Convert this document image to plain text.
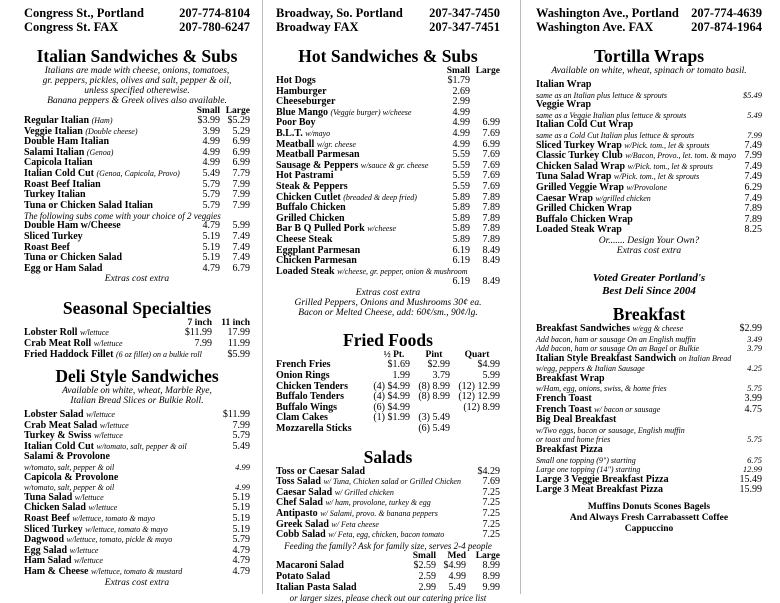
Congress St., Portland	207-774-8104
Congress St. FAX	207-780-6247
Italian Sandwiches & Subs
Italians are made with cheese, onions, tomatoes,
gr. peppers, pickles, olives and salt, pepper & oil,
unless specified otherewise.
Banana peppers & Greek olives also available.
Small Large
Regular Italian (Ham)	$3.99 $5.29
Veggie Italian (Double cheese)	3.99	5.29
Double Ham Italian	4.99	6.99
Salami Italian (Genoa)	4.99	6.99
Capicola Italian	4.99	6.99
Italian Cold Cut (Genoa, Capicola, Provo)	5.49	7.79
Roast Beef Italian	5.79	7.99
Turkey Italian	5.79	7.99
Tuna or Chicken Salad Italian	5.79	7.99
The following subs come with your choice of 2 veggies
Double Ham w/Cheese	4.79	5.99
Sliced Turkey	5.19	7.49
Roast Beef	5.19	7.49
Tuna or Chicken Salad	5.19	7.49
Egg or Ham Salad	4.79	6.79
Extras cost extra
Seasonal Specialties
7 inch 11 inch
Lobster Roll w/lettuce	$11.99	17.99
Crab Meat Roll w/lettuce	7.99	11.99
Fried Haddock Fillet (6 oz fillet) on a bulkie roll	$5.99
Deli Style Sandwiches
Available on white, wheat, Marble Rye,
Italian Bread Slices or Bulkie Roll.
Lobster Salad w/lettuce	$11.99
Crab Meat Salad w/lettuce	7.99
Turkey & Swiss w/lettuce	5.79
Italian Cold Cut w/tomato, salt, pepper & oil	5.49
Salami & Provolone
w/tomato, salt, pepper & oil	4.99
Capicola & Provolone
w/tomato, salt, pepper & oil	4.99
Tuna Salad w/lettuce	5.19
Chicken Salad w/lettuce	5.19
Roast Beef w/lettuce, tomato & mayo	5.19
Sliced Turkey w/lettuce, tomato & mayo	5.19
Dagwood w/lettuce, tomato, pickle & mayo	5.79
Egg Salad w/lettuce	4.79
Ham Salad w/lettuce	4.79
Ham & Cheese w/lettuce, tomato & mustard	4.79
Extras cost extra
Broadway, So. Portland 207-347-7450
Broadway FAX	207-347-7451
Hot Sandwiches & Subs
Small Large
Hot Dogs	$1.79
Hamburger	2.69
Cheeseburger	2.99
Blue Mango (Veggie burger) w/cheese	4.99
Poor Boy	4.99	6.99
B.L.T. w/mayo	4.99	7.69
Meatball w/gr. cheese	4.99	6.99
Meatball Parmesan	5.59	7.69
Sausage & Peppers w/sauce & gr. cheese	5.59	7.69
Hot Pastrami	5.59	7.69
Steak & Peppers	5.59	7.69
Chicken Cutlet (breaded & deep fried)	5.89	7.89
Buffalo Chicken	5.89	7.89
Grilled Chicken	5.89	7.89
Bar B Q Pulled Pork w/cheese	5.89	7.89
Cheese Steak	5.89	7.89
Eggplant Parmesan	6.19	8.49
Chicken Parmesan	6.19	8.49
Loaded Steak w/cheese, gr. pepper, onion & mushroom
6.19	8.49
Extras cost extra
Grilled Peppers, Onions and Mushrooms 30¢ ea.
Bacon or Melted Cheese, add: 60¢/sm., 90¢/lg.
Fried Foods
½ Pt.	Pint	Quart
French Fries	$1.69	$2.99	$4.99
Onion Rings	1.99	3.79	5.99
Chicken Tenders	(4) $4.99 (8) 8.99 (12) 12.99
Buffalo Tenders	(4) $4.99 (8) 8.99 (12) 12.99
Buffalo Wings	(6) $4.99	(12) 8.99
Clam Cakes	(1) $1.99 (3) 5.49
Mozzarella Sticks	(6) 5.49
Salads
Toss or Caesar Salad	$4.29
Toss Salad w/ Tuna, Chicken salad or Grilled Chicken	7.69
Caesar Salad w/ Grilled chicken	7.25
Chef Salad w/ ham, provolone, turkey & egg	7.25
Antipasto w/ Salami, provo. & banana peppers	7.25
Greek Salad w/ Feta cheese	7.25
Cobb Salad w/ Feta, egg, chicken, bacon tomato	7.25
Feeding the family? Ask for family size, serves 2-4 people
Small	Med	Large
Macaroni Salad	$2.59 $4.99	8.99
Potato Salad	2.59	4.99	8.99
Italian Pasta Salad	2.99	5.49	9.99
or larger sizes, please check out our catering price list
Washington Ave., Portland 207-774-4639
Washington Ave. FAX	207-874-1964
Tortilla Wraps
Available on white, wheat, spinach or tomato basil.
Italian Wrap
same as an Italian plus lettuce & sprouts	$5.49
Veggie Wrap
same as a Veggie Italian plus lettuce & sprouts	5.49
Italian Cold Cut Wrap
same as a Cold Cut Italian plus lettuce & sprouts	7.99
Sliced Turkey Wrap w/Pick. tom., let & sprouts	7.49
Classic Turkey Club w/Bacon, Provo., let. tom. & mayo 7.99
Chicken Salad Wrap w/Pick. tom., let & sprouts	7.49
Tuna Salad Wrap w/Pick. tom., let & sprouts	7.49
Grilled Veggie Wrap w/Provolone	6.29
Caesar Wrap w/grilled chicken	7.49
Grilled Chicken Wrap	7.89
Buffalo Chicken Wrap	7.89
Loaded Steak Wrap	8.25
Or....... Design Your Own?
Extras cost extra
Voted Greater Portland's
Best Deli Since 2004
Breakfast
Breakfast Sandwiches w/egg & cheese	$2.99
Add bacon, ham or sausage On an English muffin	3.49
Add bacon, ham or sausage On an Bagel or Bulkie	3.79
Italian Style Breakfast Sandwich on Italian Bread
w/egg, peppers & Italian Sausage	4.25
Breakfast Wrap
w/Ham, egg, onions, swiss, & home fries	5.75
French Toast	3.99
French Toast w/ bacon or sausage	4.75
Big Deal Breakfast
w/Two eggs, bacon or sausage, English muffin
or toast and home fries	5.75
Breakfast Pizza
Small one topping (9") starting	6.75
Large one topping (14") starting	12.99
Large 3 Veggie Breakfast Pizza	15.49
Large 3 Meat Breakfast Pizza	15.99
Muffins Donuts Scones Bagels
And Always Fresh Carrabassett Coffee
Cappuccino
